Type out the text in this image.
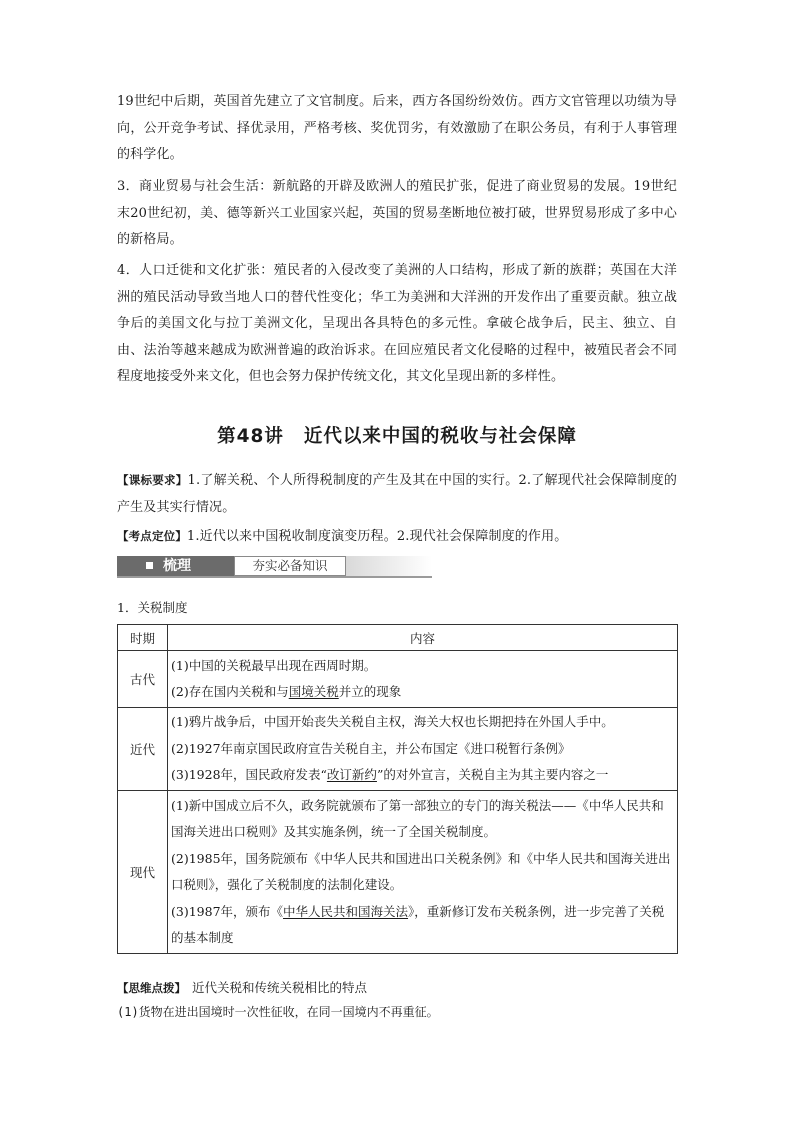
19世纪中后期，英国首先建立了文官制度。后来，西方各国纷纷效仿。西方文官管理以功绩为导向，公开竞争考试、择优录用，严格考核、奖优罚劣，有效激励了在职公务员，有利于人事管理的科学化。

3．商业贸易与社会生活：新航路的开辟及欧洲人的殖民扩张，促进了商业贸易的发展。19世纪末20世纪初，美、德等新兴工业国家兴起，英国的贸易垄断地位被打破，世界贸易形成了多中心的新格局。

4．人口迁徙和文化扩张：殖民者的入侵改变了美洲的人口结构，形成了新的族群；英国在大洋洲的殖民活动导致当地人口的替代性变化；华工为美洲和大洋洲的开发作出了重要贡献。独立战争后的美国文化与拉丁美洲文化，呈现出各具特色的多元性。拿破仑战争后，民主、独立、自由、法治等越来越成为欧洲普遍的政治诉求。在回应殖民者文化侵略的过程中，被殖民者会不同程度地接受外来文化，但也会努力保护传统文化，其文化呈现出新的多样性。

第48讲 近代以来中国的税收与社会保障

【课标要求】1.了解关税、个人所得税制度的产生及其在中国的实行。2.了解现代社会保障制度的产生及其实行情况。

【考点定位】1.近代以来中国税收制度演变历程。2.现代社会保障制度的作用。

梳理	夯实必备知识

1．关税制度

时期	内容
古代	(1)中国的关税最早出现在西周时期。
(2)存在国内关税和与国境关税并立的现象

近代	(1)鸦片战争后，中国开始丧失关税自主权，海关大权也长期把持在外国人手中。
(2)1927年南京国民政府宣告关税自主，并公布国定《进口税暂行条例》
(3)1928年，国民政府发表“改订新约”的对外宣言，关税自主为其主要内容之一

现代	(1)新中国成立后不久，政务院就颁布了第一部独立的专门的海关税法——《中华人民共和国海关进出口税则》及其实施条例，统一了全国关税制度。
(2)1985年，国务院颁布《中华人民共和国进出口关税条例》和《中华人民共和国海关进出口税则》，强化了关税制度的法制化建设。
(3)1987年，颁布《中华人民共和国海关法》，重新修订发布关税条例，进一步完善了关税的基本制度

【思维点拨】 近代关税和传统关税相比的特点

(1)货物在进出国境时一次性征收，在同一国境内不再重征。
